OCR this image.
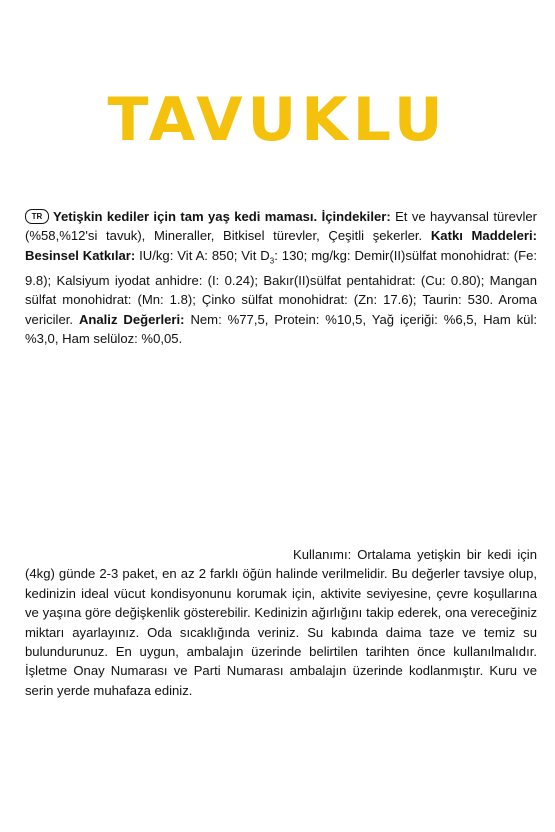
TAVUKLU
TR Yetişkin kediler için tam yaş kedi maması. İçindekiler: Et ve hayvansal türevler (%58,%12'si tavuk), Mineraller, Bitkisel türevler, Çeşitli şekerler. Katkı Maddeleri: Besinsel Katkılar: IU/kg: Vit A: 850; Vit $D_3$: 130; mg/kg: Demir(II)sülfat monohidrat: (Fe: 9.8); Kalsiyum iyodat anhidre: (I: 0.24); Bakır(II)sülfat pentahidrat: (Cu: 0.80); Mangan sülfat monohidrat: (Mn: 1.8); Çinko sülfat monohidrat: (Zn: 17.6); Taurin: 530. Aroma vericiler. Analiz Değerleri: Nem: %77,5, Protein: %10,5, Yağ içeriği: %6,5, Ham kül: %3,0, Ham selüloz: %0,05.
Kullanımı: Ortalama yetişkin bir kedi için (4kg) günde 2-3 paket, en az 2 farklı öğün halinde verilmelidir. Bu değerler tavsiye olup, kedinizin ideal vücut kondisyonunu korumak için, aktivite seviyesine, çevre koşullarına ve yaşına göre değişkenlik gösterebilir. Kedinizin ağırlığını takip ederek, ona vereceğiniz miktarı ayarlayınız. Oda sıcaklığında veriniz. Su kabında daima taze ve temiz su bulundurunuz. En uygun, ambalajın üzerinde belirtilen tarihten önce kullanılmalıdır. İşletme Onay Numarası ve Parti Numarası ambalajın üzerinde kodlanmıştır. Kuru ve serin yerde muhafaza ediniz.
